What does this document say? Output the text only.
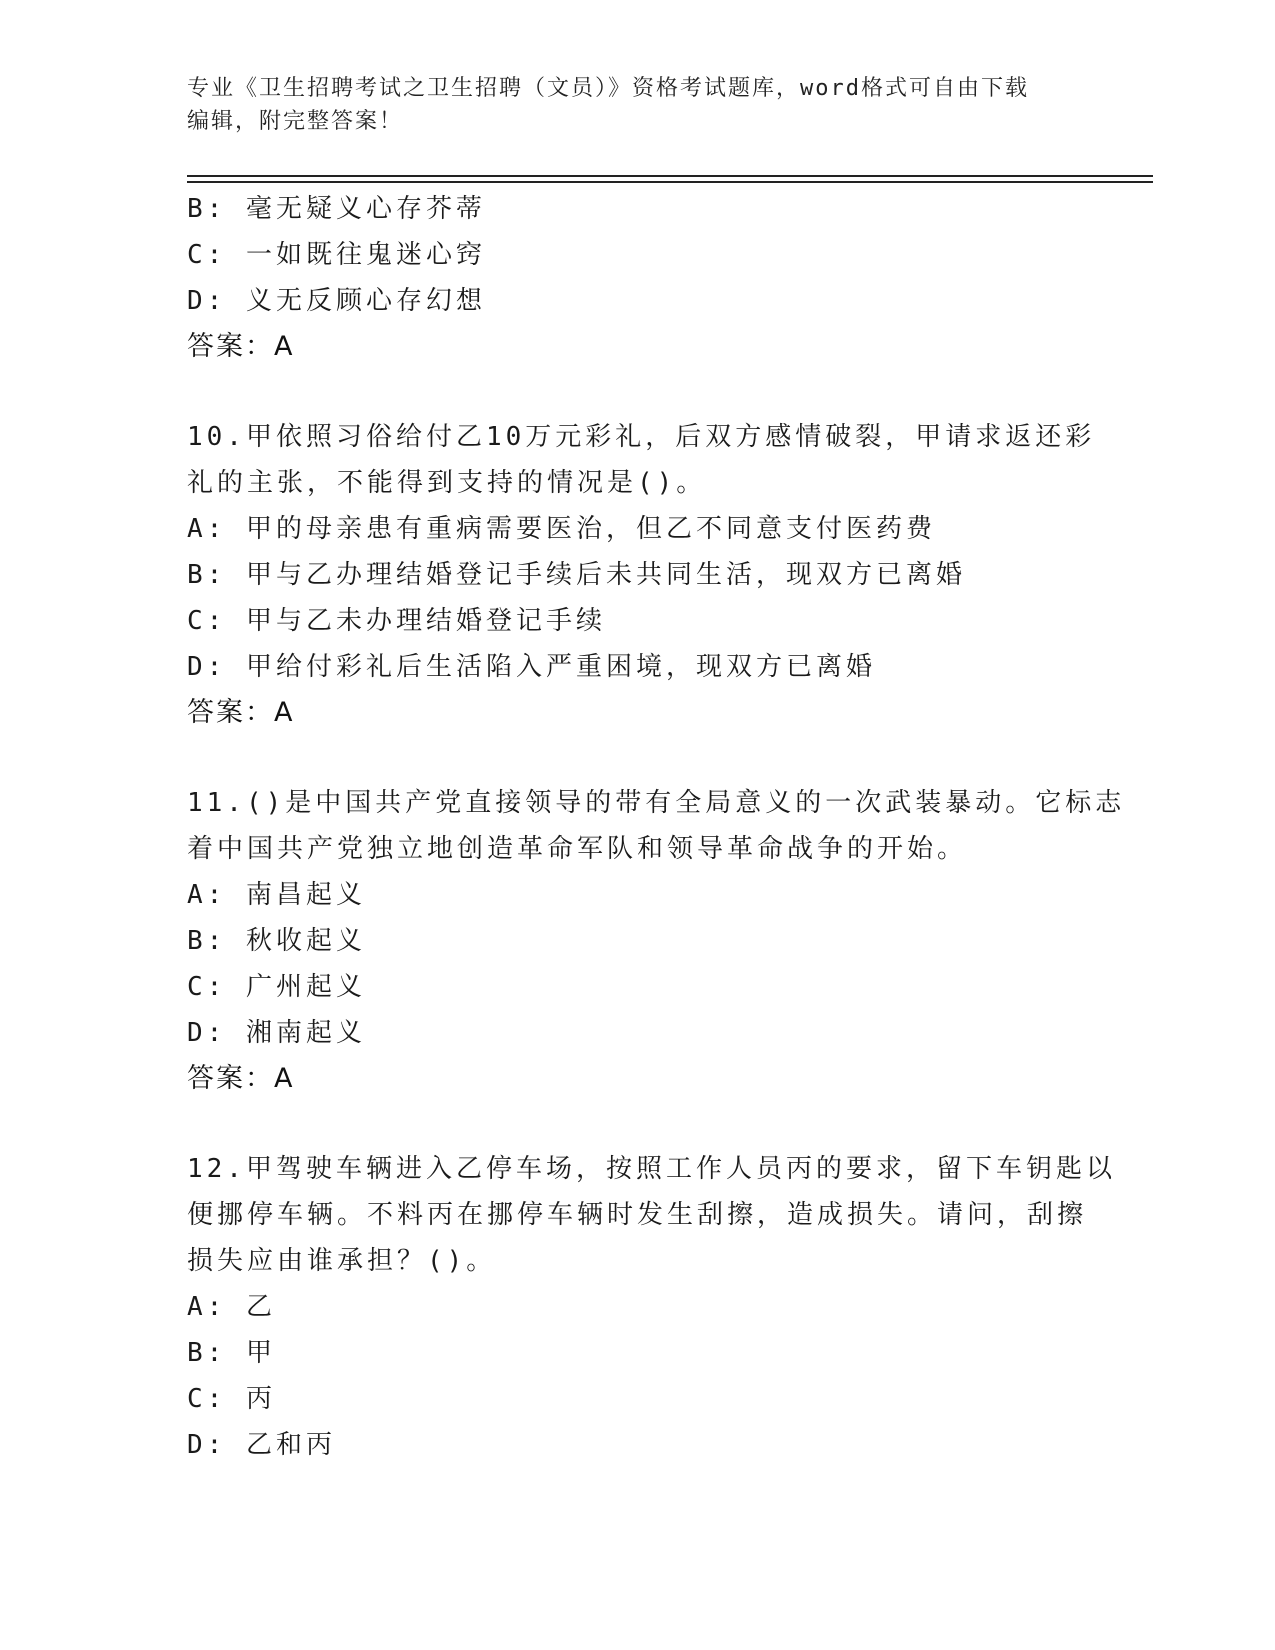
专业《卫生招聘考试之卫生招聘（文员）》资格考试题库，word格式可自由下载
编辑，附完整答案！
B: 毫无疑义心存芥蒂
C: 一如既往鬼迷心窍
D: 义无反顾心存幻想
答案：A
10.甲依照习俗给付乙10万元彩礼，后双方感情破裂，甲请求返还彩
礼的主张，不能得到支持的情况是()。
A: 甲的母亲患有重病需要医治，但乙不同意支付医药费
B: 甲与乙办理结婚登记手续后未共同生活，现双方已离婚
C: 甲与乙未办理结婚登记手续
D: 甲给付彩礼后生活陷入严重困境，现双方已离婚
答案：A
11.()是中国共产党直接领导的带有全局意义的一次武装暴动。它标志
着中国共产党独立地创造革命军队和领导革命战争的开始。
A: 南昌起义
B: 秋收起义
C: 广州起义
D: 湘南起义
答案：A
12.甲驾驶车辆进入乙停车场，按照工作人员丙的要求，留下车钥匙以
便挪停车辆。不料丙在挪停车辆时发生刮擦，造成损失。请问，刮擦
损失应由谁承担？()。
A: 乙
B: 甲
C: 丙
D: 乙和丙
